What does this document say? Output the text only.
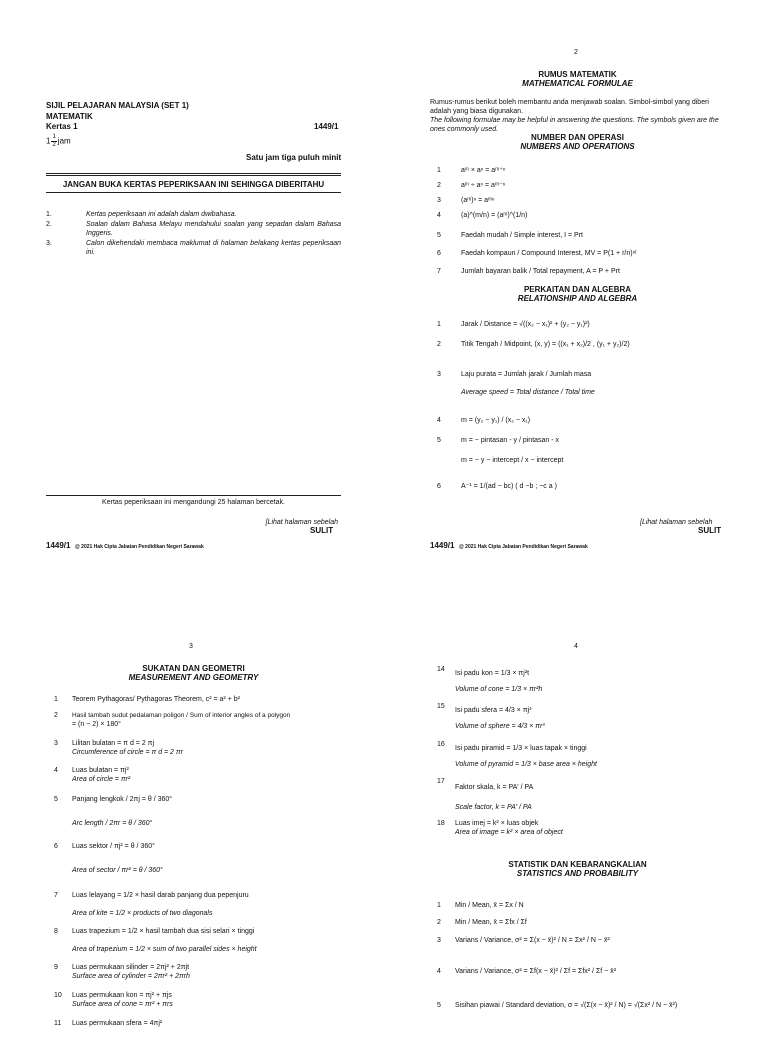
SIJIL PELAJARAN MALAYSIA (SET 1)
MATEMATIK
Kertas 1	1449/1
$1 \frac{1}{2}$ jam
Satu jam tiga puluh minit
JANGAN BUKA KERTAS PEPERIKSAAN INI SEHINGGA DIBERITAHU
1.	Kertas peperiksaan ini adalah dalam dwibahasa.
2.	Soalan dalam Bahasa Melayu mendahului soalan yang sepadan dalam Bahasa Inggeris.
3.	Calon dikehendaki membaca maklumat di halaman belakang kertas peperiksaan ini.
Kertas peperiksaan ini mengandungi 25 halaman bercetak.
[Lihat halaman sebelah
SULIT
1449/1 @ 2021 Hak Cipta Jabatan Pendidikan Negeri Sarawak
2
RUMUS MATEMATIK
MATHEMATICAL FORMULAE
Rumus-rumus berikut boleh membantu anda menjawab soalan. Simbol-simbol yang diberi adalah yang biasa digunakan.
The following formulae may be helpful in answering the questions. The symbols given are the ones commonly used.
NUMBER DAN OPERASI
NUMBERS AND OPERATIONS
1	aᵐ × aⁿ = aᵐ⁺ⁿ
2	aᵐ ÷ aⁿ = aᵐ⁻ⁿ
3	(aᵐ)ⁿ = aᵐⁿ
4	(a)^(m/n) = (aᵐ)^(1/n)
5	Faedah mudah / Simple interest, I = Prt
6	Faedah kompaun / Compound Interest, MV = P(1 + r/n)ⁿᵗ
7	Jumlah bayaran balik / Total repayment, A = P + Prt
PERKAITAN DAN ALGEBRA
RELATIONSHIP AND ALGEBRA
1	Jarak / Distance = √((x₂ − x₁)² + (y₂ − y₁)²)
2	Titik Tengah / Midpoint, (x, y) = ((x₁ + x₂)/2 , (y₁ + y₂)/2)
3	Laju purata = Jumlah jarak / Jumlah masa
Average speed = Total distance / Total time
4	m = (y₂ − y₁) / (x₂ − x₁)
5	m = − pintasan - y / pintasan - x
m = − y − intercept / x − intercept
6	A⁻¹ = 1/(ad − bc) ( d −b ; −c a )
[Lihat halaman sebelah
SULIT
1449/1 @ 2021 Hak Cipta Jabatan Pendidikan Negeri Sarawak
3
SUKATAN DAN GEOMETRI
MEASUREMENT AND GEOMETRY
1 Teorem Pythagoras/ Pythagoras Theorem, c² = a² + b²
2 Hasil tambah sudut pedalaman poligon / Sum of interior angles of a polygon
= (n − 2) × 180°
3 Lilitan bulatan = π d = 2 πj
Circumference of circle = π d = 2 πr
4 Luas bulatan = πj²
Area of circle = πr²
5 Panjang lengkok / 2πj = θ / 360°
Arc length / 2πr = θ / 360°
6 Luas sektor / πj² = θ / 360°
Area of sector / πr² = θ / 360°
7 Luas lelayang = 1/2 × hasil darab panjang dua pepenjuru
Area of kite = 1/2 × products of two diagonals
8 Luas trapezium = 1/2 × hasil tambah dua sisi selari × tinggi
Area of trapezium = 1/2 × sum of two parallel sides × height
9 Luas permukaan silinder = 2πj² + 2πjt
Surface area of cylinder = 2πr² + 2πrh
10 Luas permukaan kon = πj² + πjs
Surface area of cone = πr² + πrs
11 Luas permukaan sfera = 4πj²
4
14
Isi padu kon = 1/3 × πj²t
Volume of cone = 1/3 × πr²h
15
Isi padu sfera = 4/3 × πj³
Volume of sphere = 4/3 × πr³
16
Isi padu piramid = 1/3 × luas tapak × tinggi
Volume of pyramid = 1/3 × base area × height
17
Faktor skala, k = PA′ / PA
Scale factor, k = PA′ / PA
18 Luas imej = k² × luas objek
Area of image = k² × area of object
STATISTIK DAN KEBARANGKALIAN
STATISTICS AND PROBABILITY
1 Min / Mean, x̄ = Σx / N
2 Min / Mean, x̄ = Σfx / Σf
3 Varians / Variance, σ² = Σ(x − x̄)² / N = Σx² / N − x̄²
4 Varians / Variance, σ² = Σf(x − x̄)² / Σf = Σfx² / Σf − x̄²
5 Sisihan piawai / Standard deviation, σ = √(Σ(x − x̄)² / N) = √(Σx² / N − x̄²)
